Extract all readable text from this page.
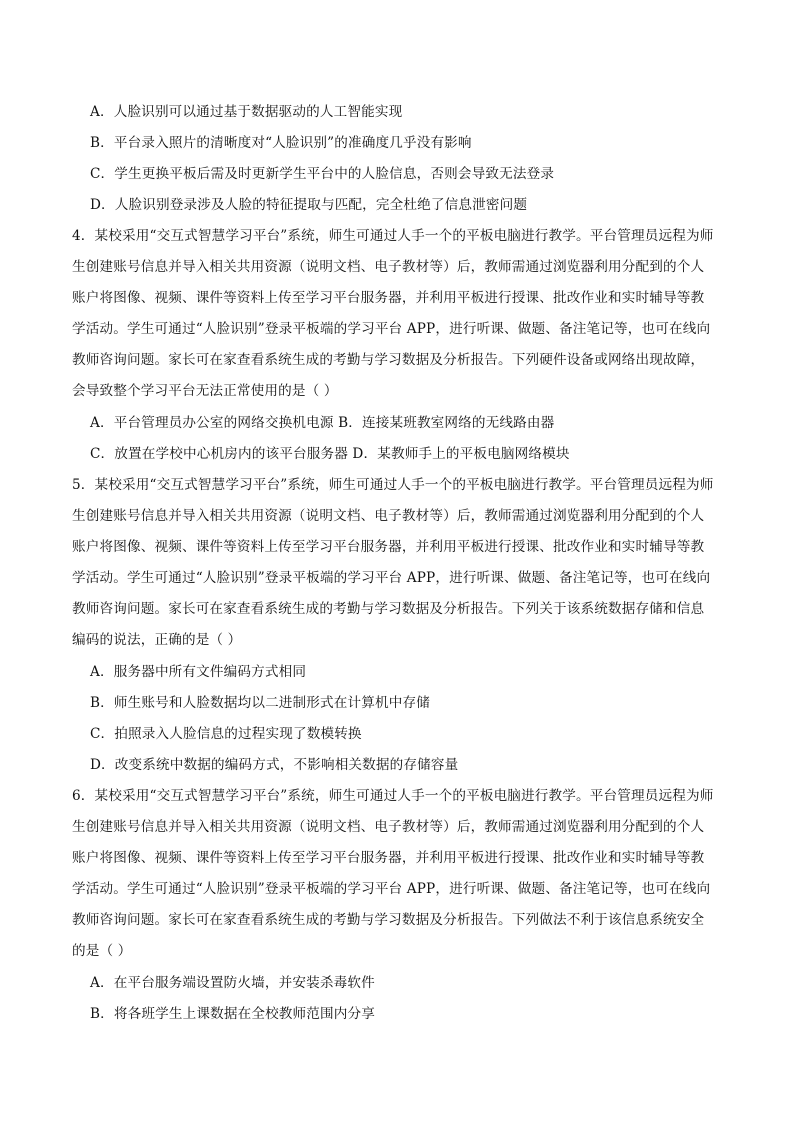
A．人脸识别可以通过基于数据驱动的人工智能实现
B．平台录入照片的清晰度对“人脸识别”的准确度几乎没有影响
C．学生更换平板后需及时更新学生平台中的人脸信息，否则会导致无法登录
D．人脸识别登录涉及人脸的特征提取与匹配，完全杜绝了信息泄密问题
4．某校采用“交互式智慧学习平台”系统，师生可通过人手一个的平板电脑进行教学。平台管理员远程为师
生创建账号信息并导入相关共用资源（说明文档、电子教材等）后，教师需通过浏览器利用分配到的个人
账户将图像、视频、课件等资料上传至学习平台服务器，并利用平板进行授课、批改作业和实时辅导等教
学活动。学生可通过“人脸识别”登录平板端的学习平台 APP，进行听课、做题、备注笔记等，也可在线向
教师咨询问题。家长可在家查看系统生成的考勤与学习数据及分析报告。下列硬件设备或网络出现故障，
会导致整个学习平台无法正常使用的是（ ）
A．平台管理员办公室的网络交换机电源 B．连接某班教室网络的无线路由器
C．放置在学校中心机房内的该平台服务器 D．某教师手上的平板电脑网络模块
5．某校采用“交互式智慧学习平台”系统，师生可通过人手一个的平板电脑进行教学。平台管理员远程为师
生创建账号信息并导入相关共用资源（说明文档、电子教材等）后，教师需通过浏览器利用分配到的个人
账户将图像、视频、课件等资料上传至学习平台服务器，并利用平板进行授课、批改作业和实时辅导等教
学活动。学生可通过“人脸识别”登录平板端的学习平台 APP，进行听课、做题、备注笔记等，也可在线向
教师咨询问题。家长可在家查看系统生成的考勤与学习数据及分析报告。下列关于该系统数据存储和信息
编码的说法，正确的是（ ）
A．服务器中所有文件编码方式相同
B．师生账号和人脸数据均以二进制形式在计算机中存储
C．拍照录入人脸信息的过程实现了数模转换
D．改变系统中数据的编码方式，不影响相关数据的存储容量
6．某校采用“交互式智慧学习平台”系统，师生可通过人手一个的平板电脑进行教学。平台管理员远程为师
生创建账号信息并导入相关共用资源（说明文档、电子教材等）后，教师需通过浏览器利用分配到的个人
账户将图像、视频、课件等资料上传至学习平台服务器，并利用平板进行授课、批改作业和实时辅导等教
学活动。学生可通过“人脸识别”登录平板端的学习平台 APP，进行听课、做题、备注笔记等，也可在线向
教师咨询问题。家长可在家查看系统生成的考勤与学习数据及分析报告。下列做法不利于该信息系统安全
的是（ ）
A．在平台服务端设置防火墙，并安装杀毒软件
B．将各班学生上课数据在全校教师范围内分享
